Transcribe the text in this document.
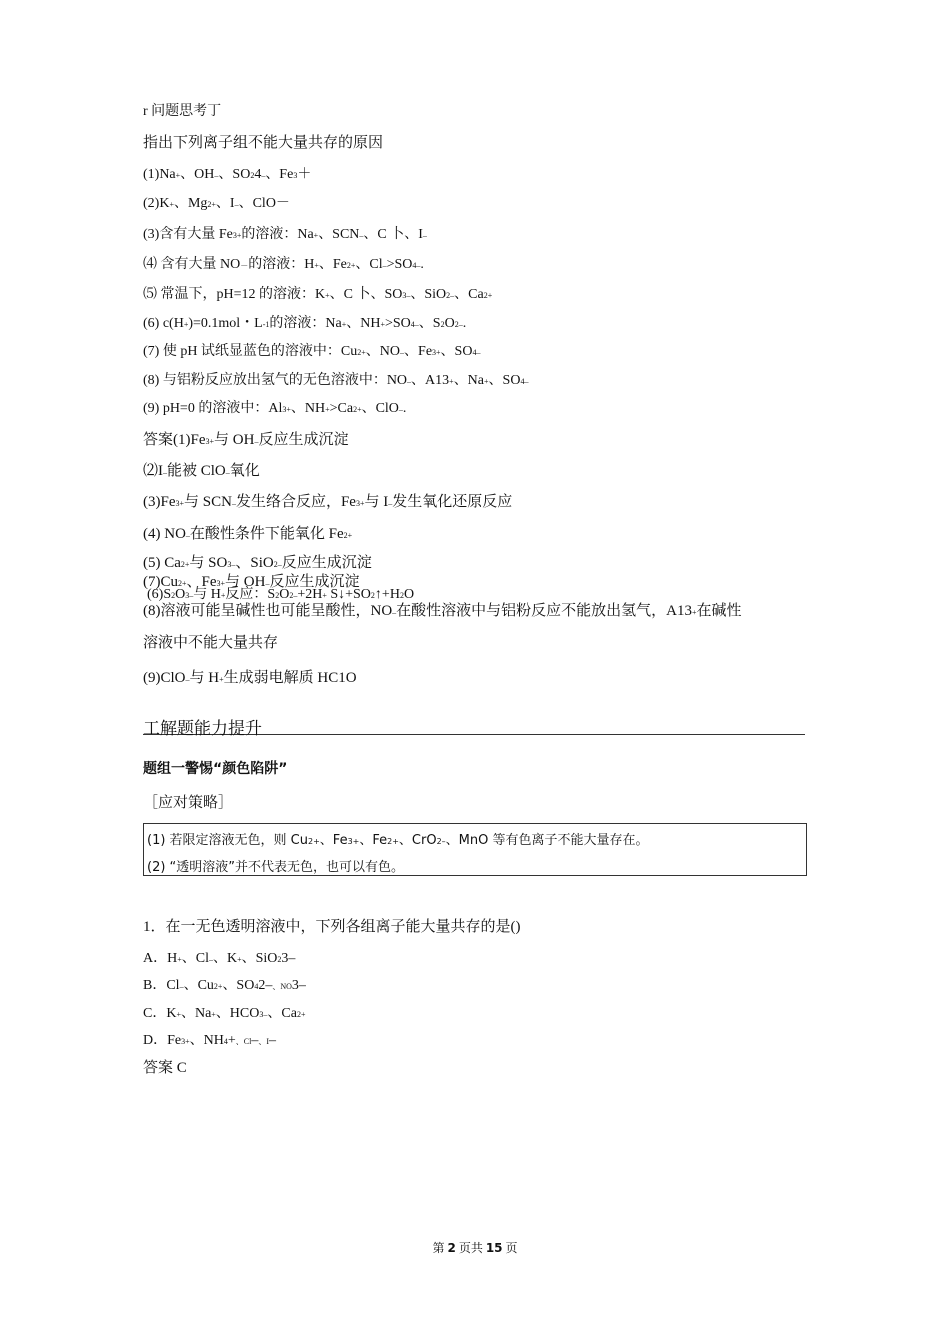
r 问题思考丁
指出下列离子组不能大量共存的原因
(1)Na+、OH–、SO24–、Fe3＋
(2)K+、Mg2+、I–、ClO－
(3)含有大量 Fe3+的溶液：Na+、SCN–、C 卜、I–
⑷ 含有大量 NO－的溶液：H+、Fe2+、Cl–>SO4–.
⑸ 常温下，pH=12 的溶液：K+、C 卜、SO3–、SiO2–、Ca2+
(6) c(H+)=0.1mol・L-1的溶液：Na+、NH+>SO4–、S2O2–.
(7) 使 pH 试纸显蓝色的溶液中：Cu2+、NO–、Fe3+、SO4–
(8) 与铝粉反应放出氢气的无色溶液中：NO–、A13+、Na+、SO4–
(9) pH=0 的溶液中：Al3+、NH+>Ca2+、ClO–.
答案(1)Fe3+与 OH–反应生成沉淀
⑵I–能被 ClO–氧化
(3)Fe3+与 SCN–发生络合反应，Fe3+与 I–发生氧化还原反应
(4) NO–在酸性条件下能氧化 Fe2+
(5) Ca2+与 SO3–、SiO2–反应生成沉淀
(7)Cu2+、Fe3+与 OH–反应生成沉淀
(6)S2O3–与 H+反应：S2O2–+2H+ S↓+SO2↑+H2O
(8)溶液可能呈碱性也可能呈酸性，NO–在酸性溶液中与铝粉反应不能放出氢气，A13+在碱性
溶液中不能大量共存
(9)ClO–与 H+生成弱电解质 HC1O
工解题能力提升
题组一警惕“颜色陷阱”
［应对策略］
(1) 若限定溶液无色，则 Cu2+、Fe3+、Fe2+、CrO2–、MnO 等有色离子不能大量存在。
(2) “透明溶液”并不代表无色，也可以有色。
1．在一无色透明溶液中，下列各组离子能大量共存的是()
A．H+、Cl–、K+、SiO23–
B．Cl–、Cu2+、SO42–、NO3–
C．K+、Na+、HCO3–、Ca2+
D．Fe3+、NH4+、Cl–、I–
答案 C
第 2 页共 15 页
